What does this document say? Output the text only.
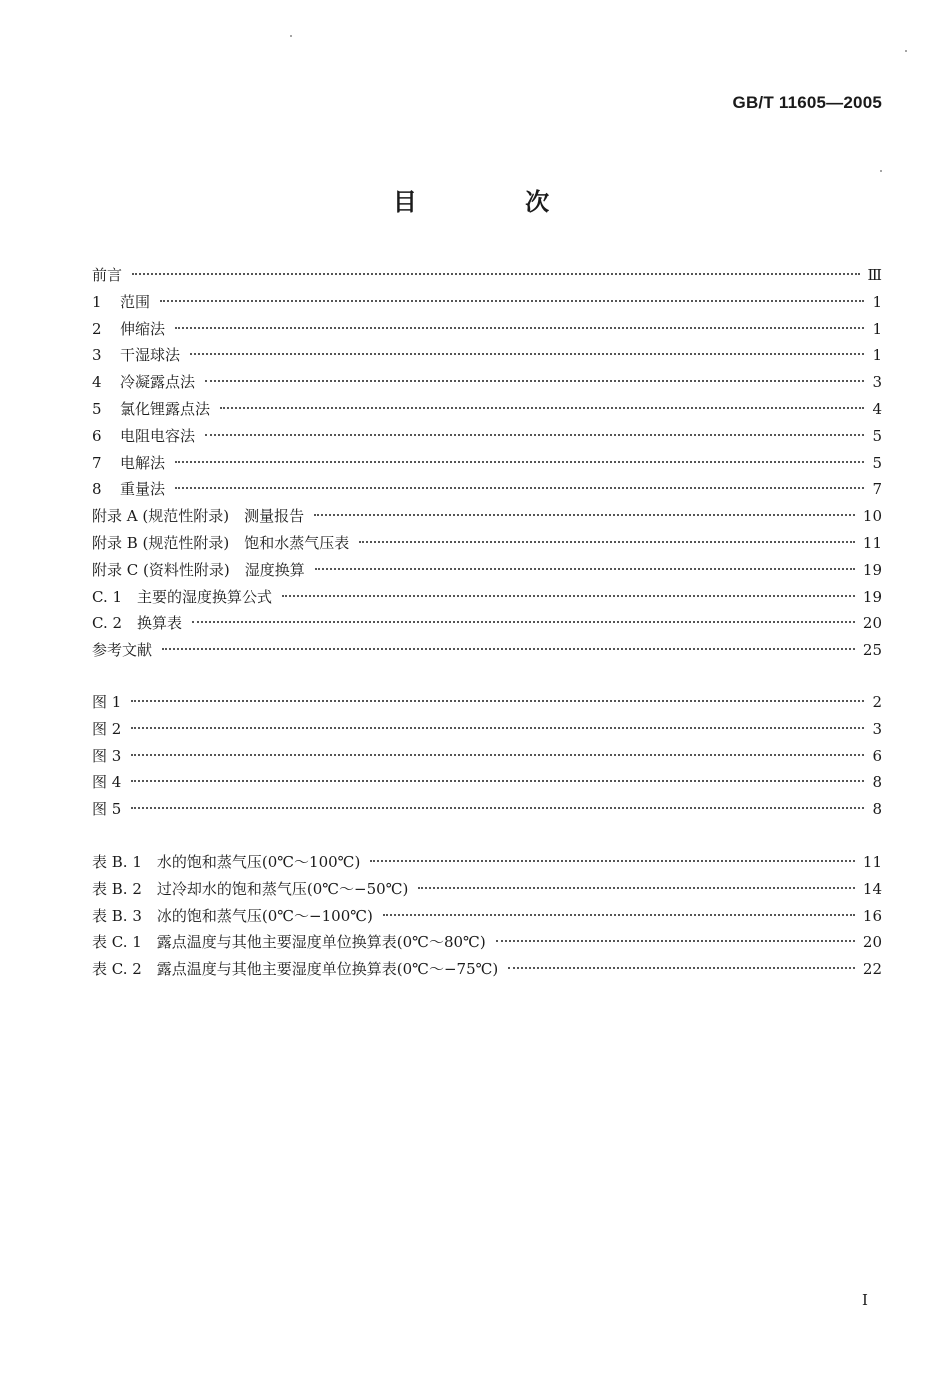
GB/T 11605—2005
目 次
前言	Ⅲ
1 范围	1
2 伸缩法	1
3 干湿球法	1
4 冷凝露点法	3
5 氯化锂露点法	4
6 电阻电容法	5
7 电解法	5
8 重量法	7
附录 A (规范性附录)　测量报告	10
附录 B (规范性附录)　饱和水蒸气压表	11
附录 C (资料性附录)　湿度换算	19
C. 1　主要的湿度换算公式	19
C. 2　换算表	20
参考文献	25
图 1	2
图 2	3
图 3	6
图 4	8
图 5	8
表 B. 1　水的饱和蒸气压(0℃～100℃)	11
表 B. 2　过冷却水的饱和蒸气压(0℃～−50℃)	14
表 B. 3　冰的饱和蒸气压(0℃～−100℃)	16
表 C. 1　露点温度与其他主要湿度单位换算表(0℃～80℃)	20
表 C. 2　露点温度与其他主要湿度单位换算表(0℃～−75℃)	22
Ⅰ
